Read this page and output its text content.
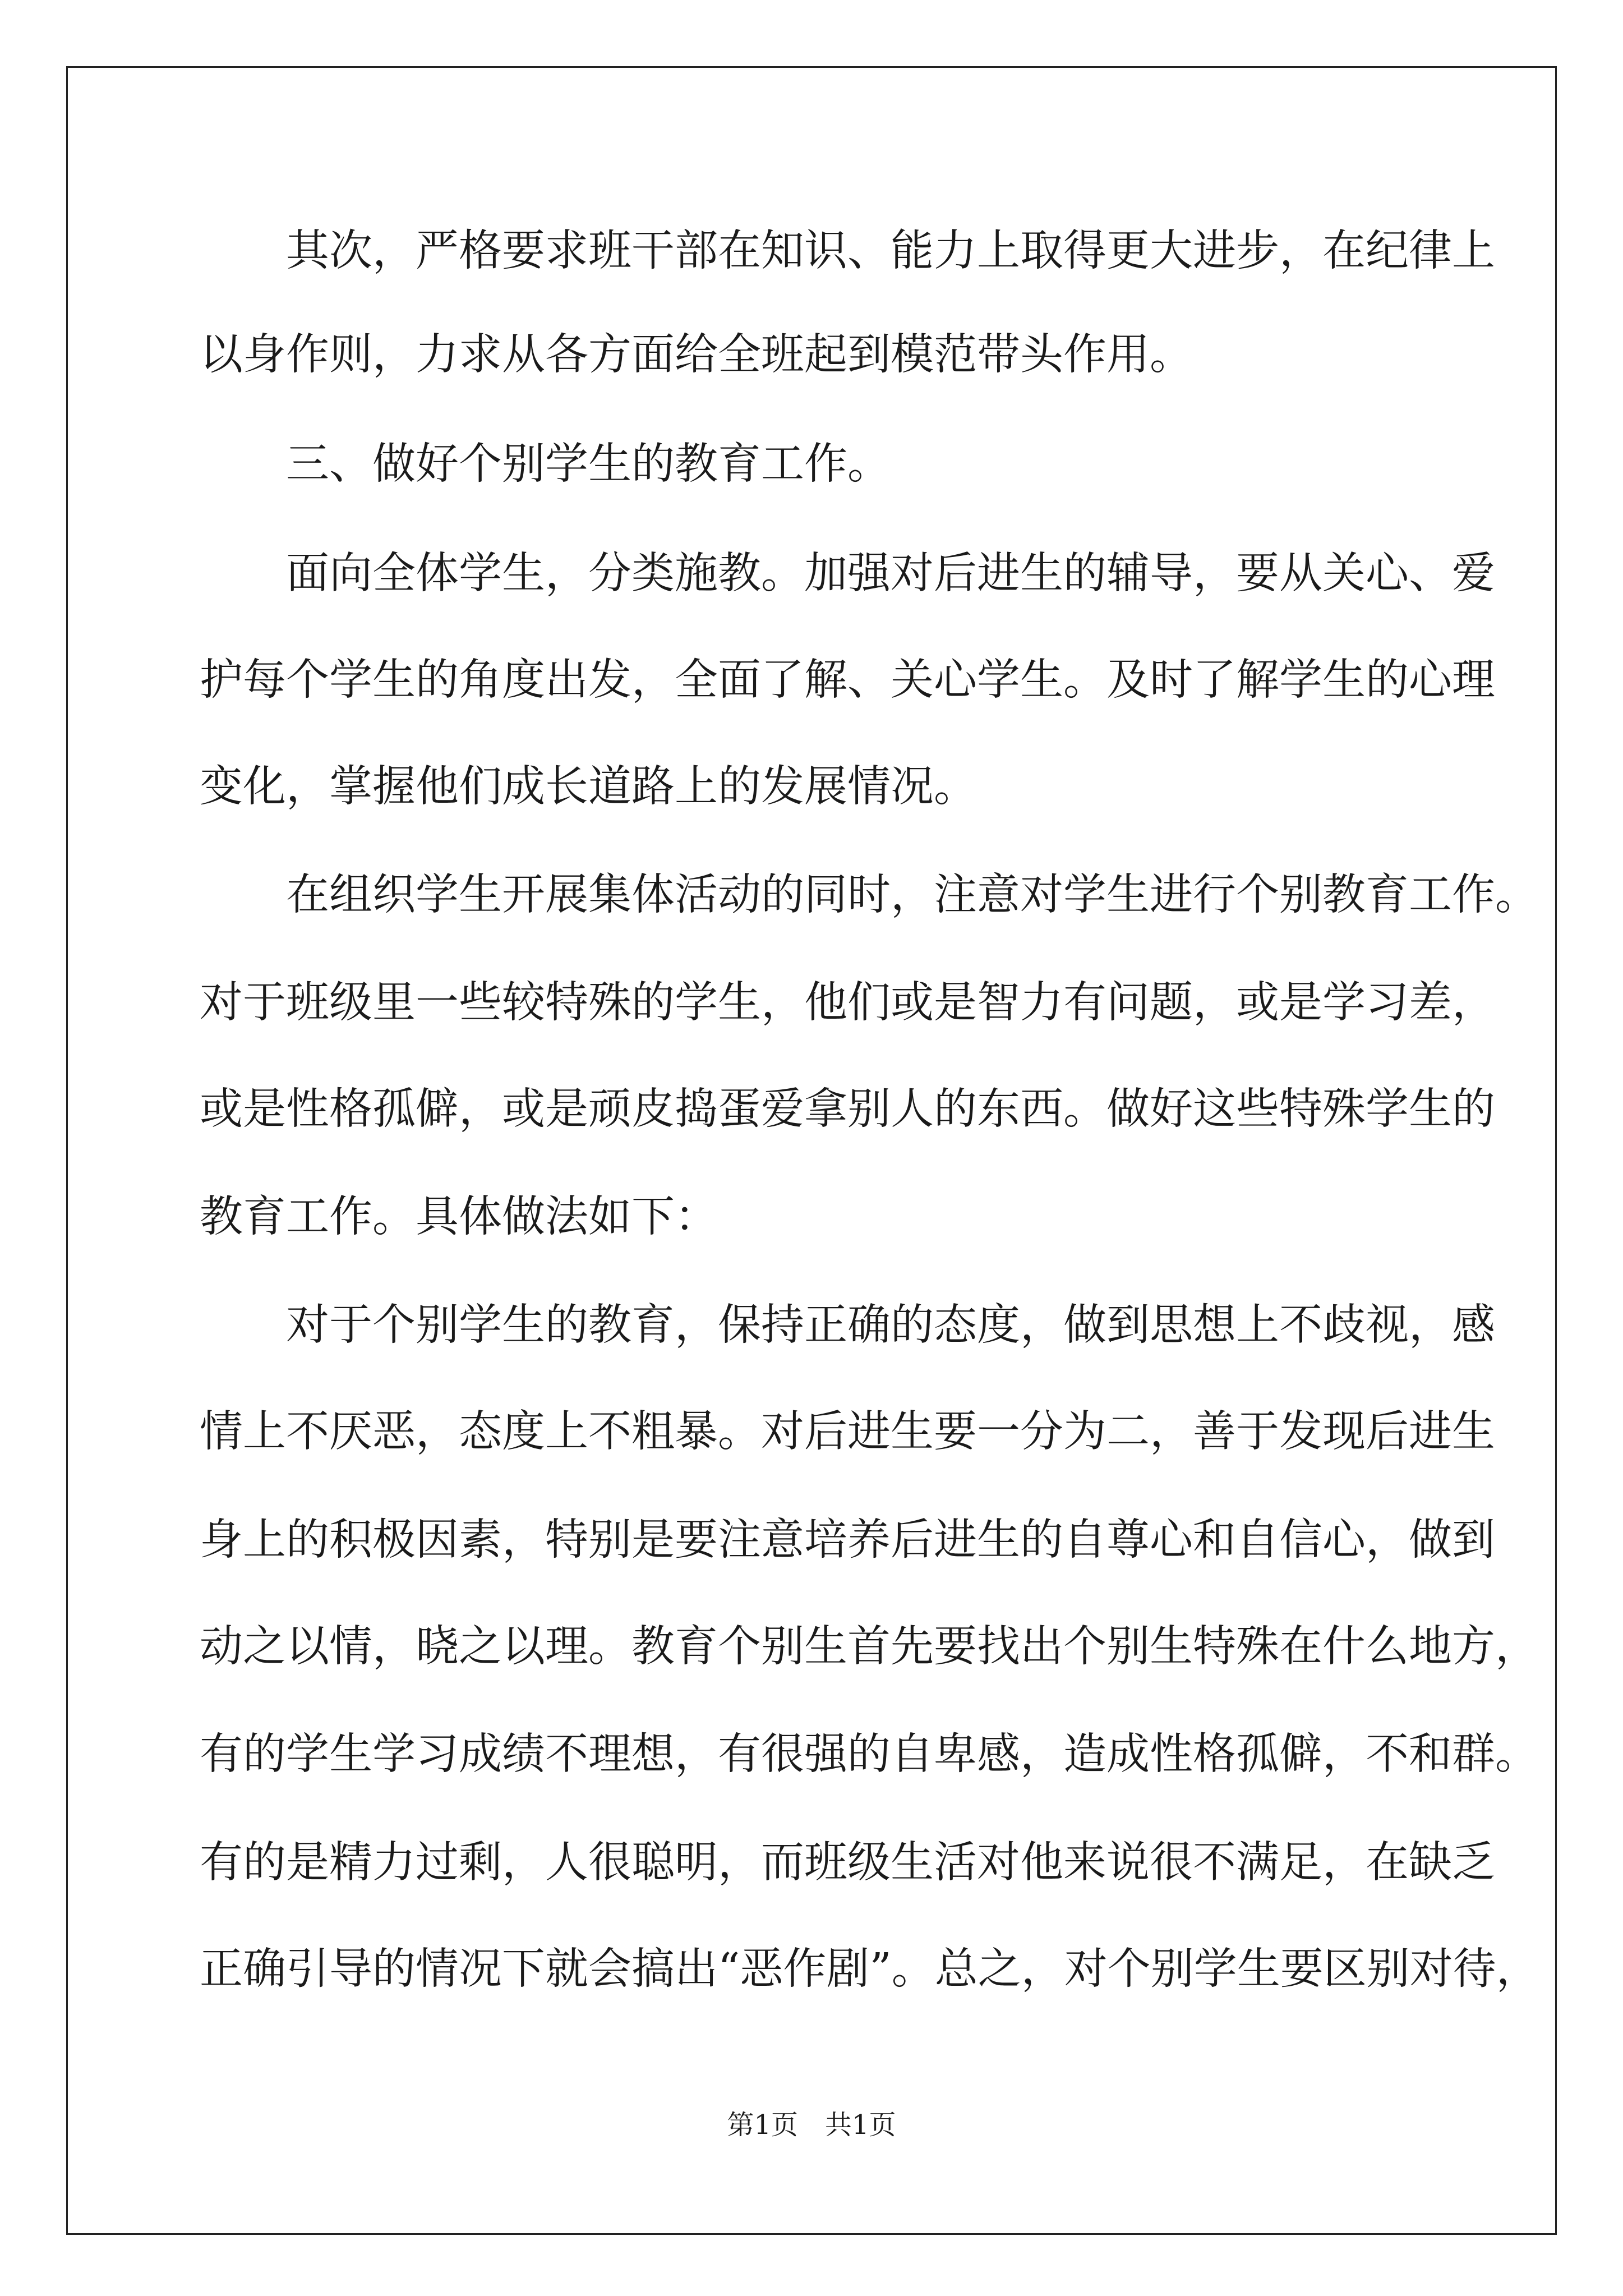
　　其次，严格要求班干部在知识、能力上取得更大进步，在纪律上
以身作则，力求从各方面给全班起到模范带头作用。
　　三、做好个别学生的教育工作。
　　面向全体学生，分类施教。加强对后进生的辅导，要从关心、爱
护每个学生的角度出发，全面了解、关心学生。及时了解学生的心理
变化，掌握他们成长道路上的发展情况。
　　在组织学生开展集体活动的同时，注意对学生进行个别教育工作。
对于班级里一些较特殊的学生，他们或是智力有问题，或是学习差，
或是性格孤僻，或是顽皮捣蛋爱拿别人的东西。做好这些特殊学生的
教育工作。具体做法如下：
　　对于个别学生的教育，保持正确的态度，做到思想上不歧视，感
情上不厌恶，态度上不粗暴。对后进生要一分为二，善于发现后进生
身上的积极因素，特别是要注意培养后进生的自尊心和自信心，做到
动之以情，晓之以理。教育个别生首先要找出个别生特殊在什么地方，
有的学生学习成绩不理想，有很强的自卑感，造成性格孤僻，不和群。
有的是精力过剩，人很聪明，而班级生活对他来说很不满足，在缺乏
正确引导的情况下就会搞出“恶作剧”。总之，对个别学生要区别对待，
第1页　共1页
